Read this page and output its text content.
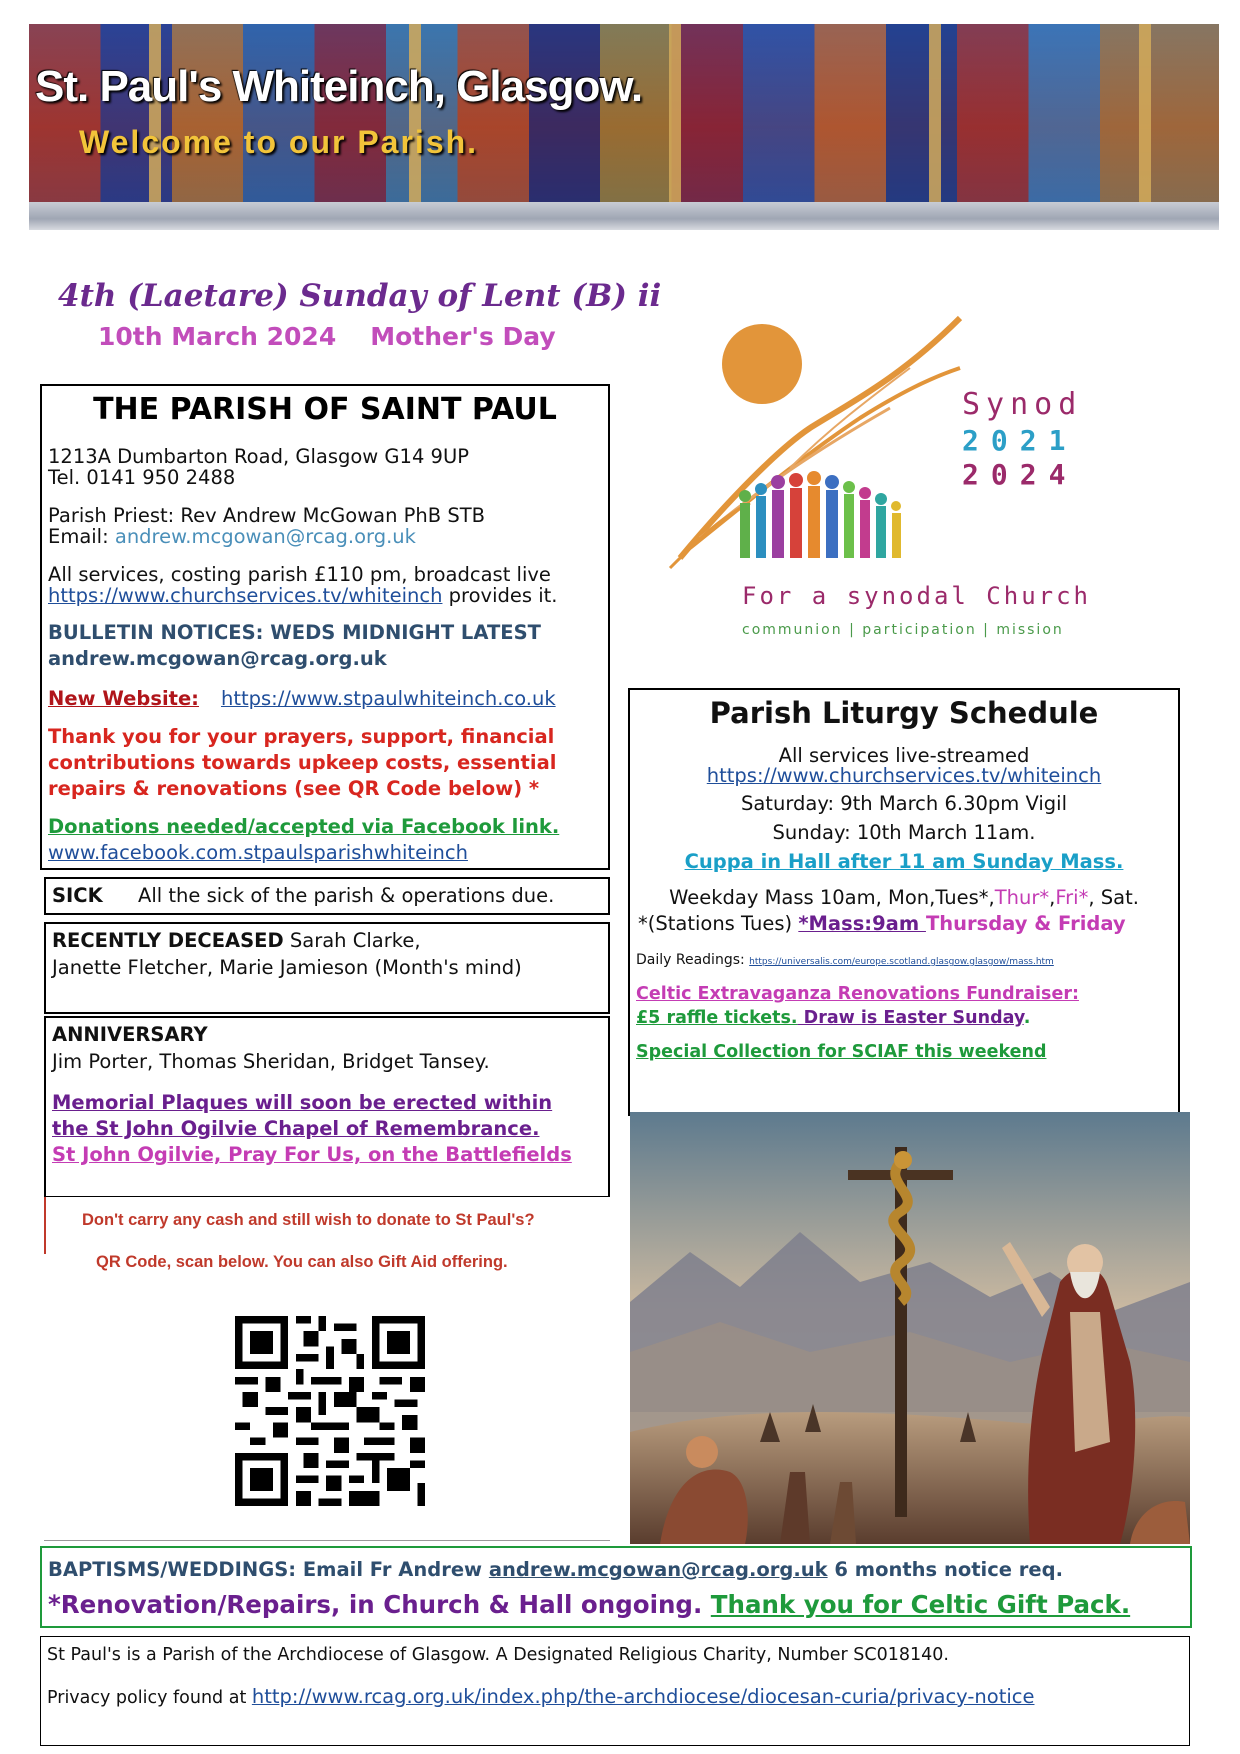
St. Paul's Whiteinch, Glasgow.
Welcome to our Parish.
4th (Laetare) Sunday of Lent (B) ii
10th March 2024 Mother's Day
THE PARISH OF SAINT PAUL
1213A Dumbarton Road, Glasgow G14 9UP
Tel. 0141 950 2488
Parish Priest: Rev Andrew McGowan PhB STB
Email: andrew.mcgowan@rcag.org.uk
All services, costing parish £110 pm, broadcast live
https://www.churchservices.tv/whiteinch provides it.
BULLETIN NOTICES: WEDS MIDNIGHT LATEST
andrew.mcgowan@rcag.org.uk
New Website: https://www.stpaulwhiteinch.co.uk
Thank you for your prayers, support, financial
contributions towards upkeep costs, essential
repairs & renovations (see QR Code below) *
Donations needed/accepted via Facebook link.
www.facebook.com.stpaulsparishwhiteinch
SICK All the sick of the parish & operations due.
RECENTLY DECEASED Sarah Clarke,
Janette Fletcher, Marie Jamieson (Month's mind)
ANNIVERSARY
Jim Porter, Thomas Sheridan, Bridget Tansey.
Memorial Plaques will soon be erected within
the St John Ogilvie Chapel of Remembrance.
St John Ogilvie, Pray For Us, on the Battlefields
Don't carry any cash and still wish to donate to St Paul's?
QR Code, scan below. You can also Gift Aid offering.
Synod
2021
2024
For a synodal Church
communion | participation | mission
Parish Liturgy Schedule
All services live-streamed
https://www.churchservices.tv/whiteinch
Saturday: 9th March 6.30pm Vigil
Sunday: 10th March 11am.
Cuppa in Hall after 11 am Sunday Mass.
Weekday Mass 10am, Mon,Tues*,Thur*,Fri*, Sat.
*(Stations Tues) *Mass:9am Thursday & Friday
Daily Readings: https://universalis.com/europe.scotland.glasgow.glasgow/mass.htm
Celtic Extravaganza Renovations Fundraiser:
£5 raffle tickets. Draw is Easter Sunday.
Special Collection for SCIAF this weekend
BAPTISMS/WEDDINGS: Email Fr Andrew andrew.mcgowan@rcag.org.uk 6 months notice req.
*Renovation/Repairs, in Church & Hall ongoing. Thank you for Celtic Gift Pack.
St Paul's is a Parish of the Archdiocese of Glasgow. A Designated Religious Charity, Number SC018140.
Privacy policy found at http://www.rcag.org.uk/index.php/the-archdiocese/diocesan-curia/privacy-notice
